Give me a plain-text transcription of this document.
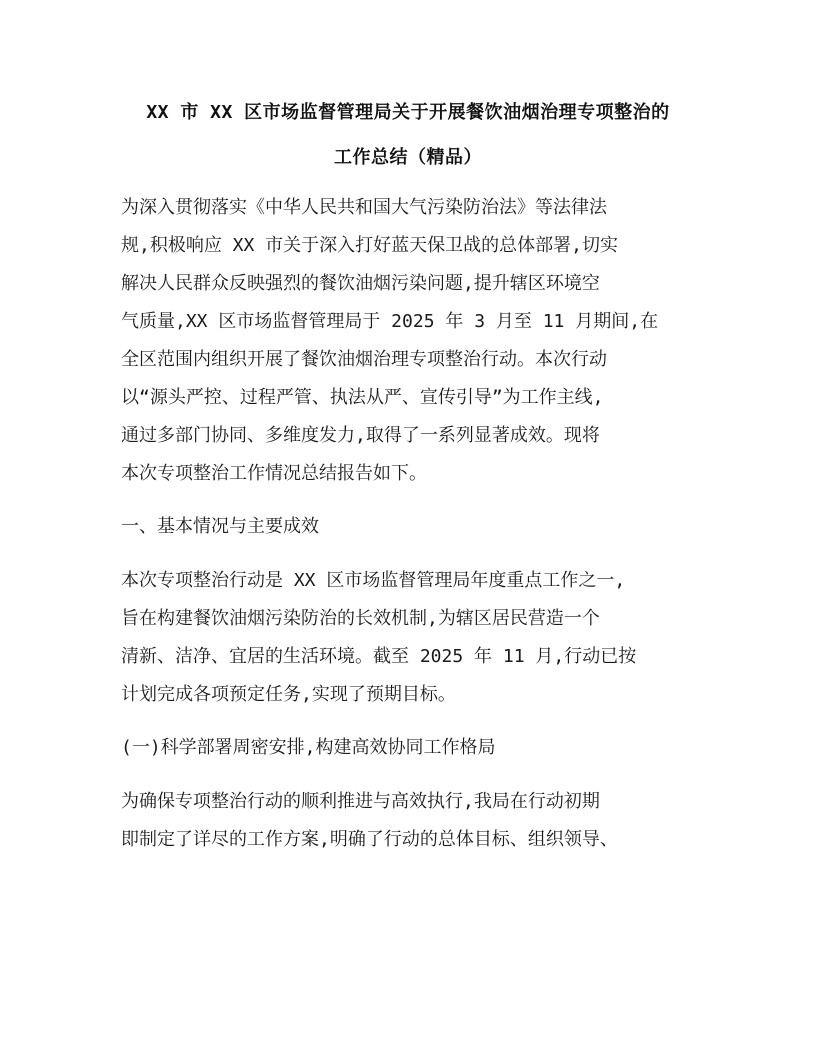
XX 市 XX 区市场监督管理局关于开展餐饮油烟治理专项整治的
工作总结（精品）
为深入贯彻落实《中华人民共和国大气污染防治法》等法律法
规,积极响应 XX 市关于深入打好蓝天保卫战的总体部署,切实
解决人民群众反映强烈的餐饮油烟污染问题,提升辖区环境空
气质量,XX 区市场监督管理局于 2025 年 3 月至 11 月期间,在
全区范围内组织开展了餐饮油烟治理专项整治行动。本次行动
以“源头严控、过程严管、执法从严、宣传引导”为工作主线,
通过多部门协同、多维度发力,取得了一系列显著成效。现将
本次专项整治工作情况总结报告如下。
一、基本情况与主要成效
本次专项整治行动是 XX 区市场监督管理局年度重点工作之一,
旨在构建餐饮油烟污染防治的长效机制,为辖区居民营造一个
清新、洁净、宜居的生活环境。截至 2025 年 11 月,行动已按
计划完成各项预定任务,实现了预期目标。
(一)科学部署周密安排,构建高效协同工作格局
为确保专项整治行动的顺利推进与高效执行,我局在行动初期
即制定了详尽的工作方案,明确了行动的总体目标、组织领导、
